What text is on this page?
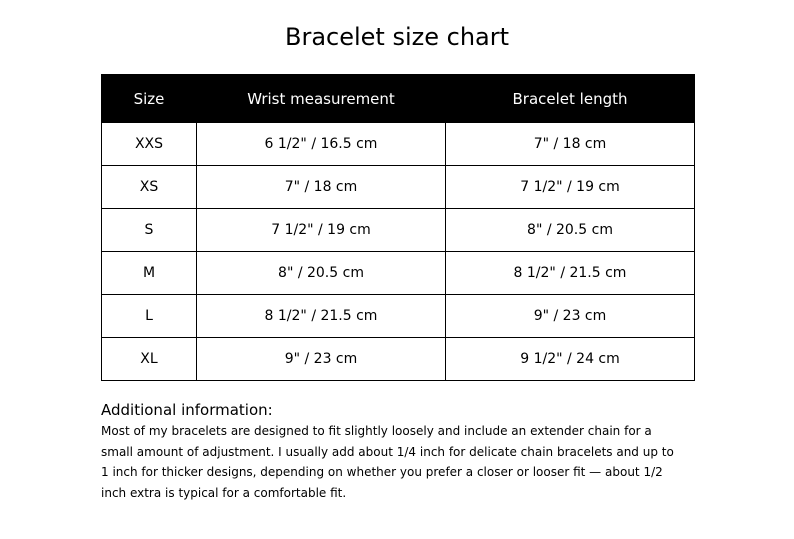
Bracelet size chart
Size	Wrist measurement	Bracelet length
XXS	6 1/2" / 16.5 cm	7" / 18 cm
XS	7" / 18 cm	7 1/2" / 19 cm
S	7 1/2" / 19 cm	8" / 20.5 cm
M	8" / 20.5 cm	8 1/2" / 21.5 cm
L	8 1/2" / 21.5 cm	9" / 23 cm
XL	9" / 23 cm	9 1/2" / 24 cm
Additional information:
Most of my bracelets are designed to fit slightly loosely and include an extender chain for a small amount of adjustment. I usually add about 1/4 inch for delicate chain bracelets and up to 1 inch for thicker designs, depending on whether you prefer a closer or looser fit — about 1/2 inch extra is typical for a comfortable fit.
